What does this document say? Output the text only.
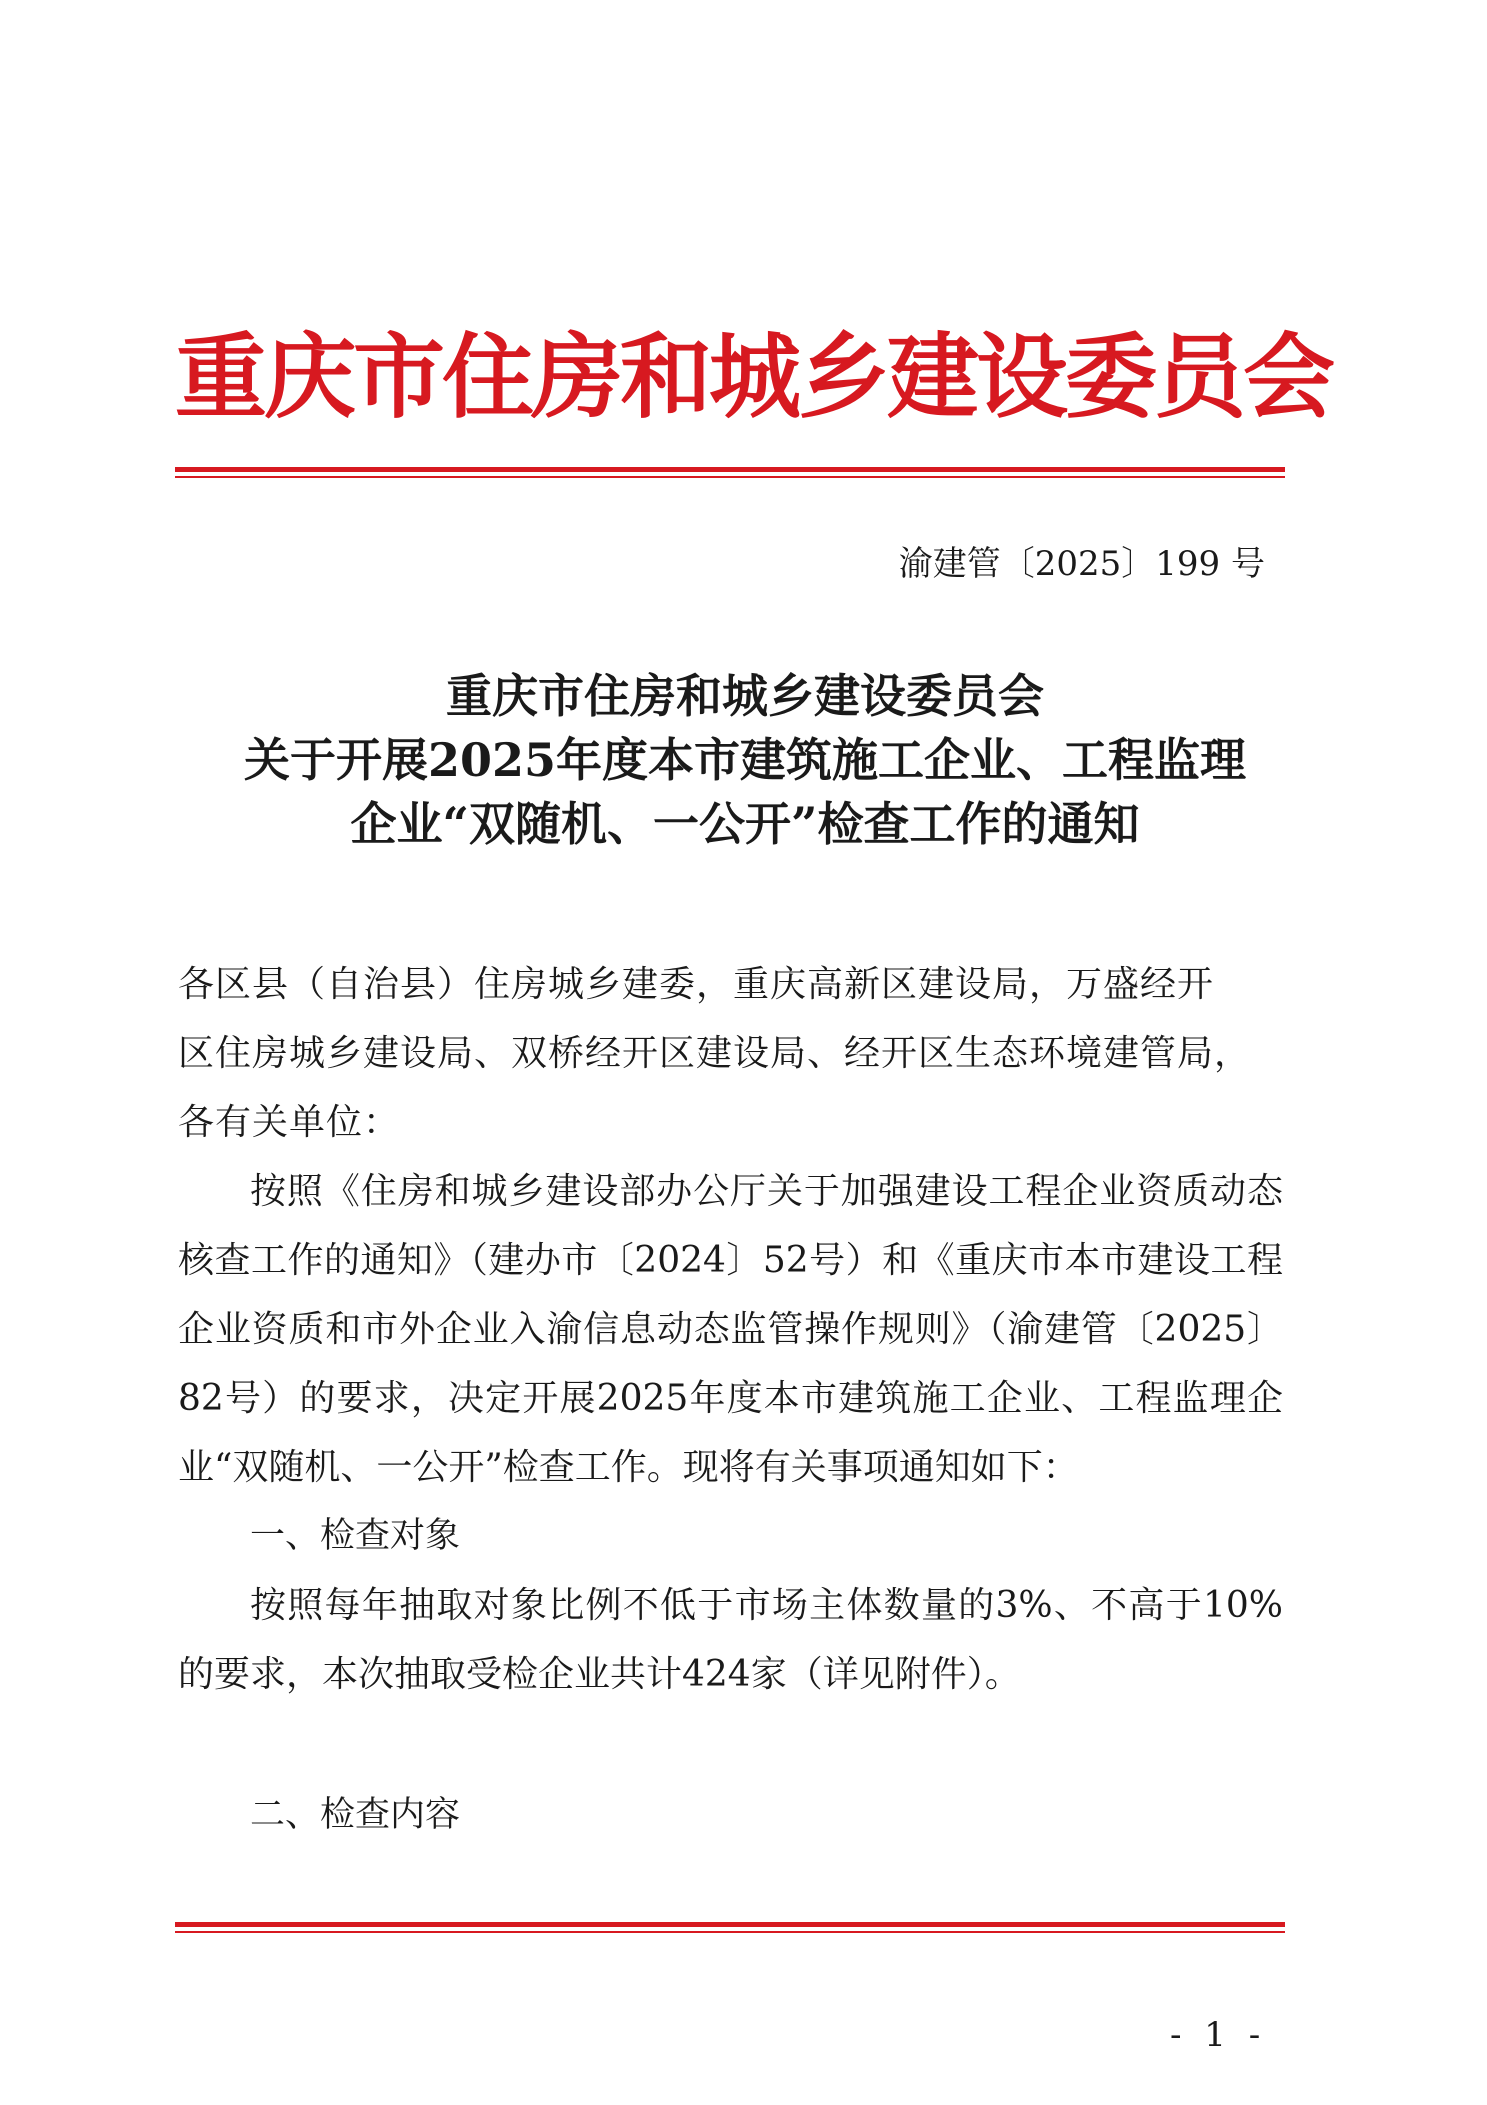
重庆市住房和城乡建设委员会
渝建管〔2025〕199 号
重庆市住房和城乡建设委员会
关于开展2025年度本市建筑施工企业、工程监理
企业“双随机、一公开”检查工作的通知

各区县（自治县）住房城乡建委，重庆高新区建设局，万盛经开

区住房城乡建设局、双桥经开区建设局、经开区生态环境建管局，

各有关单位：

按照《住房和城乡建设部办公厅关于加强建设工程企业资质动态核查工作的通知》（建办市〔2024〕52号）和《重庆市本市建设工程企业资质和市外企业入渝信息动态监管操作规则》（渝建管〔2025〕82号）的要求，决定开展2025年度本市建筑施工企业、工程监理企业“双随机、一公开”检查工作。现将有关事项通知如下：

一、检查对象

按照每年抽取对象比例不低于市场主体数量的3%、不高于10%的要求，本次抽取受检企业共计424家（详见附件）。

二、检查内容

- 1 -
